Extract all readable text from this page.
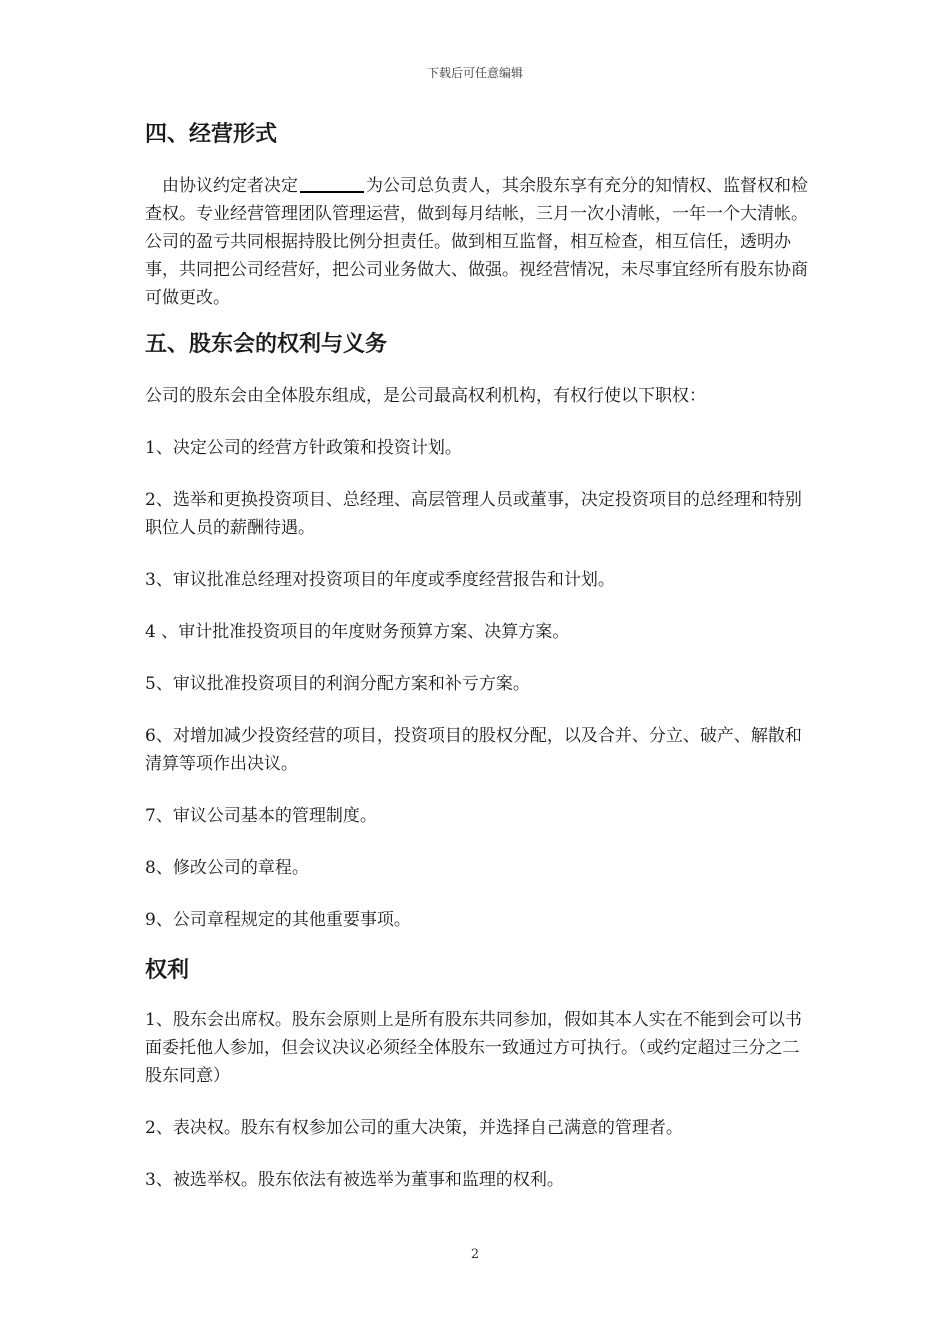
下载后可任意编辑
四、经营形式

由协议约定者决定	为公司总负责人，其余股东享有充分的知情权、监督权和检查权。专业经营管理团队管理运营，做到每月结帐，三月一次小清帐，一年一个大清帐。公司的盈亏共同根据持股比例分担责任。做到相互监督，相互检查，相互信任，透明办事，共同把公司经营好，把公司业务做大、做强。视经营情况，未尽事宜经所有股东协商可做更改。

五、股东会的权利与义务

公司的股东会由全体股东组成，是公司最高权利机构，有权行使以下职权：

1、决定公司的经营方针政策和投资计划。

2、选举和更换投资项目、总经理、高层管理人员或董事，决定投资项目的总经理和特别职位人员的薪酬待遇。

3、审议批准总经理对投资项目的年度或季度经营报告和计划。

4 、审计批准投资项目的年度财务预算方案、决算方案。

5、审议批准投资项目的利润分配方案和补亏方案。

6、对增加减少投资经营的项目，投资项目的股权分配，以及合并、分立、破产、解散和清算等项作出决议。

7、审议公司基本的管理制度。

8、修改公司的章程。

9、公司章程规定的其他重要事项。

权利

1、股东会出席权。股东会原则上是所有股东共同参加，假如其本人实在不能到会可以书面委托他人参加，但会议决议必须经全体股东一致通过方可执行。（或约定超过三分之二股东同意）

2、表决权。股东有权参加公司的重大决策，并选择自己满意的管理者。

3、被选举权。股东依法有被选举为董事和监理的权利。

2
